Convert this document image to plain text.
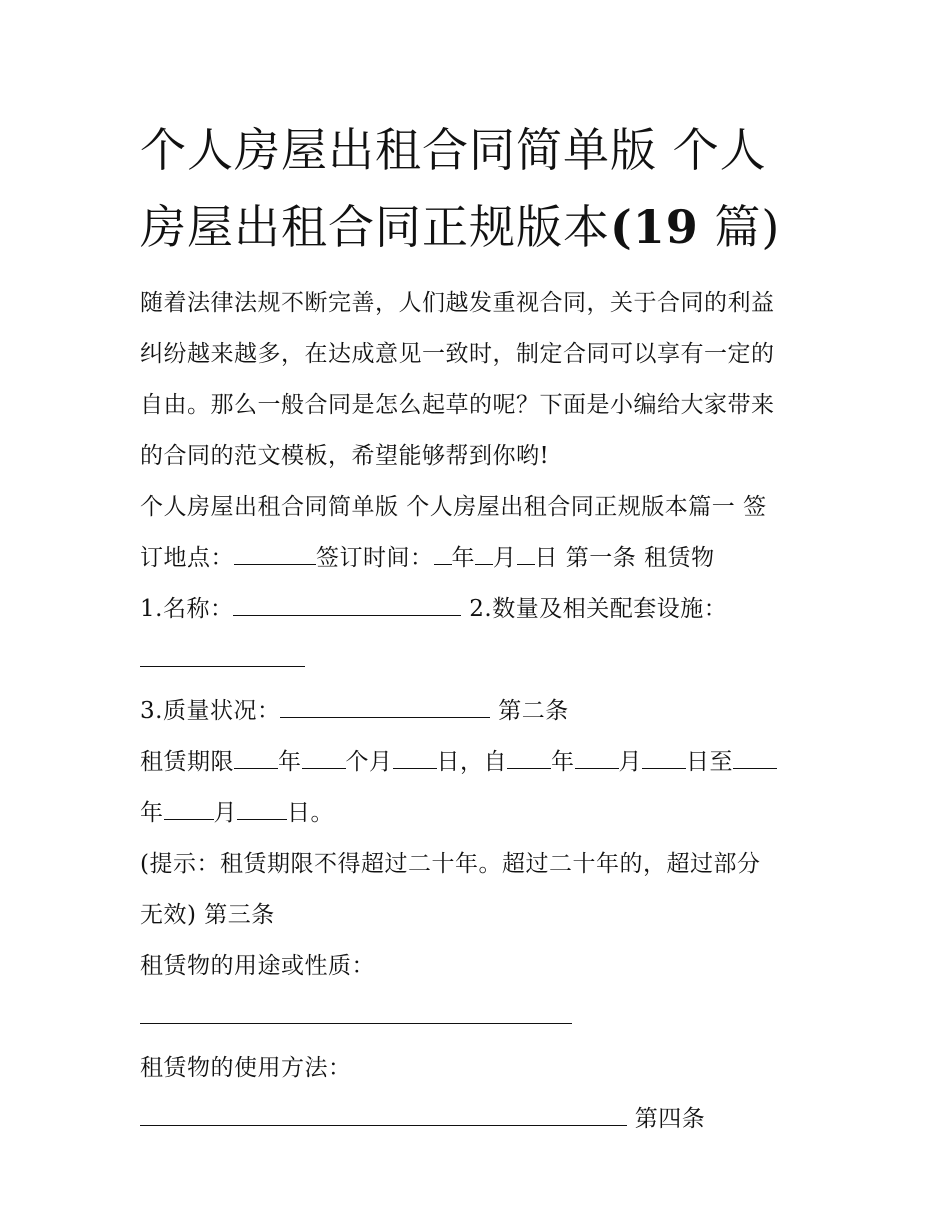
个人房屋出租合同简单版 个人
房屋出租合同正规版本(19 篇)
随着法律法规不断完善，人们越发重视合同，关于合同的利益
纠纷越来越多，在达成意见一致时，制定合同可以享有一定的
自由。那么一般合同是怎么起草的呢？下面是小编给大家带来
的合同的范文模板，希望能够帮到你哟!
个人房屋出租合同简单版 个人房屋出租合同正规版本篇一 签
订地点：	签订时间： 年 月 日 第一条 租赁物
1.名称：	2.数量及相关配套设施：
3.质量状况：	第二条
租赁期限 年 个月 日，自 年 月 日至
年 月 日。
(提示：租赁期限不得超过二十年。超过二十年的，超过部分
无效) 第三条
租赁物的用途或性质：
租赁物的使用方法：
第四条
